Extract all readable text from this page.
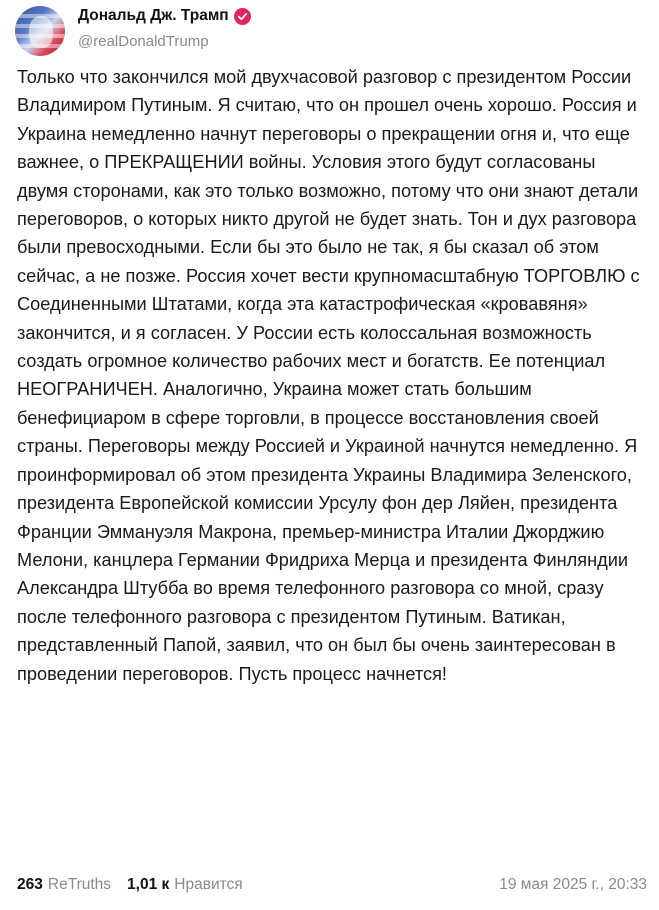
Дональд Дж. Трамп
@realDonaldTrump

Только что закончился мой двухчасовой разговор с президентом России Владимиром Путиным. Я считаю, что он прошел очень хорошо. Россия и Украина немедленно начнут переговоры о прекращении огня и, что еще важнее, о ПРЕКРАЩЕНИИ войны. Условия этого будут согласованы двумя сторонами, как это только возможно, потому что они знают детали переговоров, о которых никто другой не будет знать. Тон и дух разговора были превосходными. Если бы это было не так, я бы сказал об этом сейчас, а не позже. Россия хочет вести крупномасштабную ТОРГОВЛЮ с Соединенными Штатами, когда эта катастрофическая «кровавяня» закончится, и я согласен. У России есть колоссальная возможность создать огромное количество рабочих мест и богатств. Ее потенциал НЕОГРАНИЧЕН. Аналогично, Украина может стать большим бенефициаром в сфере торговли, в процессе восстановления своей страны. Переговоры между Россией и Украиной начнутся немедленно. Я проинформировал об этом президента Украины Владимира Зеленского, президента Европейской комиссии Урсулу фон дер Ляйен, президента Франции Эммануэля Макрона, премьер-министра Италии Джорджию Мелони, канцлера Германии Фридриха Мерца и президента Финляндии Александра Штубба во время телефонного разговора со мной, сразу после телефонного разговора с президентом Путиным. Ватикан, представленный Папой, заявил, что он был бы очень заинтересован в проведении переговоров. Пусть процесс начнется!

263 ReTruths 1,01 к Нравится	19 мая 2025 г., 20:33
